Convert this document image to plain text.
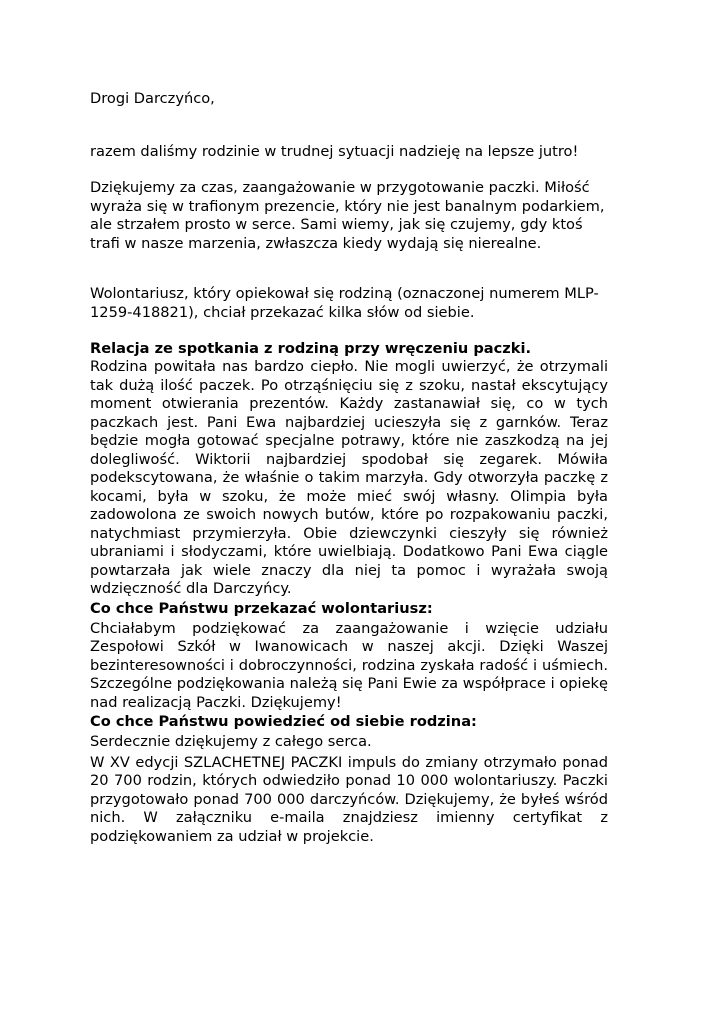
Drogi Darczyńco,

razem daliśmy rodzinie w trudnej sytuacji nadzieję na lepsze jutro!

Dziękujemy za czas, zaangażowanie w przygotowanie paczki. Miłość wyraża się w trafionym prezencie, który nie jest banalnym podarkiem, ale strzałem prosto w serce. Sami wiemy, jak się czujemy, gdy ktoś trafi w nasze marzenia, zwłaszcza kiedy wydają się nierealne.

Wolontariusz, który opiekował się rodziną (oznaczonej numerem MLP-1259-418821), chciał przekazać kilka słów od siebie.

Relacja ze spotkania z rodziną przy wręczeniu paczki.

Rodzina powitała nas bardzo ciepło. Nie mogli uwierzyć, że otrzymali tak dużą ilość paczek. Po otrząśnięciu się z szoku, nastał ekscytujący moment otwierania prezentów. Każdy zastanawiał się, co w tych paczkach jest. Pani Ewa najbardziej ucieszyła się z garnków. Teraz będzie mogła gotować specjalne potrawy, które nie zaszkodzą na jej dolegliwość. Wiktorii najbardziej spodobał się zegarek. Mówiła podekscytowana, że właśnie o takim marzyła. Gdy otworzyła paczkę z kocami, była w szoku, że może mieć swój własny. Olimpia była zadowolona ze swoich nowych butów, które po rozpakowaniu paczki, natychmiast przymierzyła. Obie dziewczynki cieszyły się również ubraniami i słodyczami, które uwielbiają. Dodatkowo Pani Ewa ciągle powtarzała jak wiele znaczy dla niej ta pomoc i wyrażała swoją wdzięczność dla Darczyńcy.

Co chce Państwu przekazać wolontariusz:

Chciałabym podziękować za zaangażowanie i wzięcie udziału Zespołowi Szkół w Iwanowicach w naszej akcji. Dzięki Waszej bezinteresowności i dobroczynności, rodzina zyskała radość i uśmiech. Szczególne podziękowania należą się Pani Ewie za współprace i opiekę nad realizacją Paczki. Dziękujemy!

Co chce Państwu powiedzieć od siebie rodzina:

Serdecznie dziękujemy z całego serca.

W XV edycji SZLACHETNEJ PACZKI impuls do zmiany otrzymało ponad 20 700 rodzin, których odwiedziło ponad 10 000 wolontariuszy. Paczki przygotowało ponad 700 000 darczyńców. Dziękujemy, że byłeś wśród nich. W załączniku e-maila znajdziesz imienny certyfikat z podziękowaniem za udział w projekcie.
